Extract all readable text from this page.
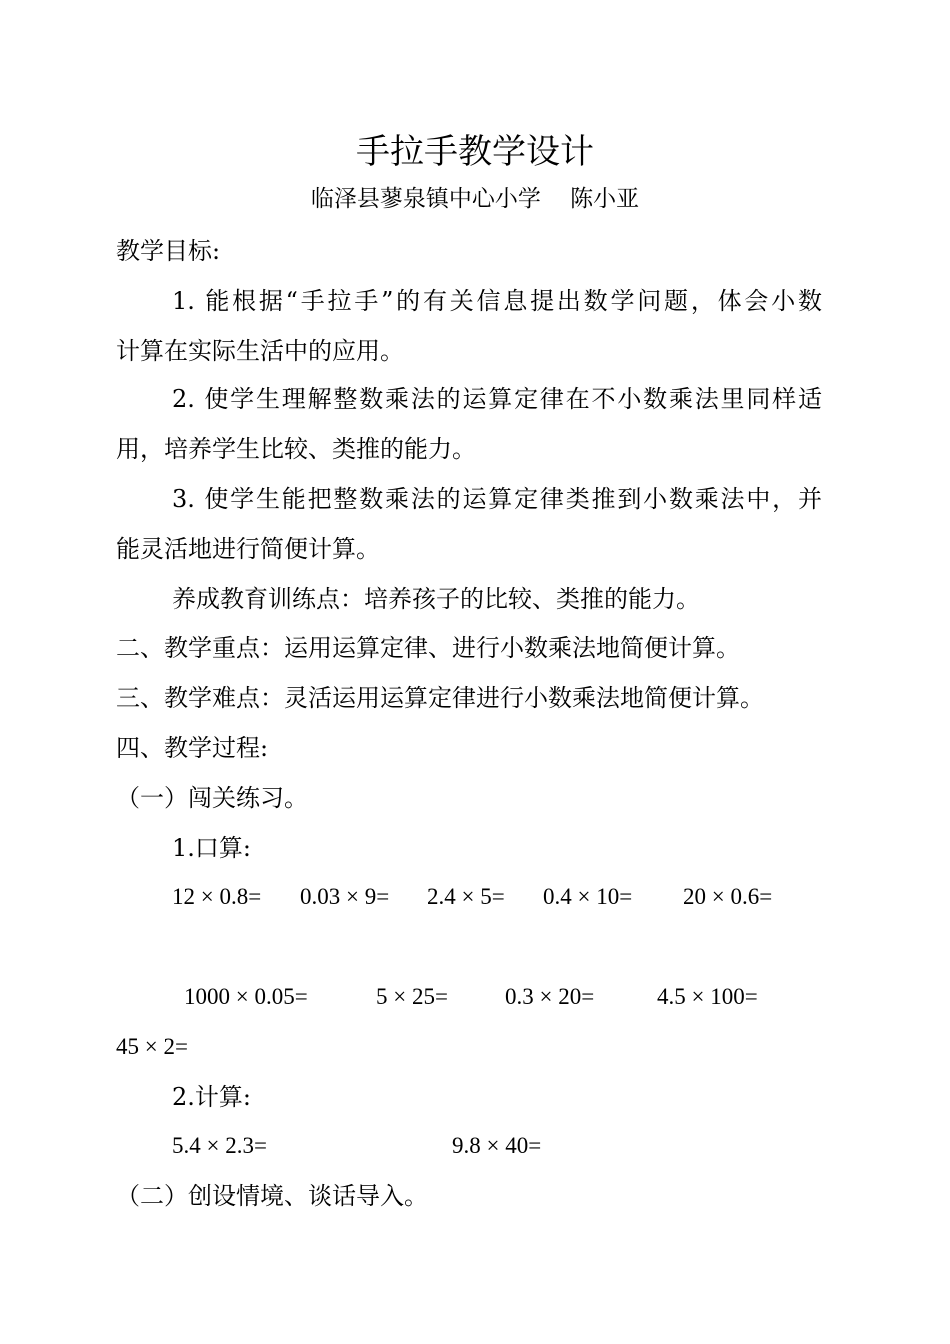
手拉手教学设计
临泽县蓼泉镇中心小学    陈小亚
教学目标:
1. 能根据“手拉手”的有关信息提出数学问题，体会小数
计算在实际生活中的应用。
2. 使学生理解整数乘法的运算定律在不小数乘法里同样适
用，培养学生比较、类推的能力。
3. 使学生能把整数乘法的运算定律类推到小数乘法中，并
能灵活地进行简便计算。
养成教育训练点：培养孩子的比较、类推的能力。
二、教学重点：运用运算定律、进行小数乘法地简便计算。
三、教学难点：灵活运用运算定律进行小数乘法地简便计算。
四、教学过程:
（一）闯关练习。
1.口算:
12 × 0.8= 0.03 × 9= 2.4 × 5= 0.4 × 10= 20 × 0.6=
1000 × 0.05=	5 × 25= 0.3 × 20=	4.5 × 100=
45 × 2=
2.计算:
5.4 × 2.3=	9.8 × 40=
（二）创设情境、谈话导入。
